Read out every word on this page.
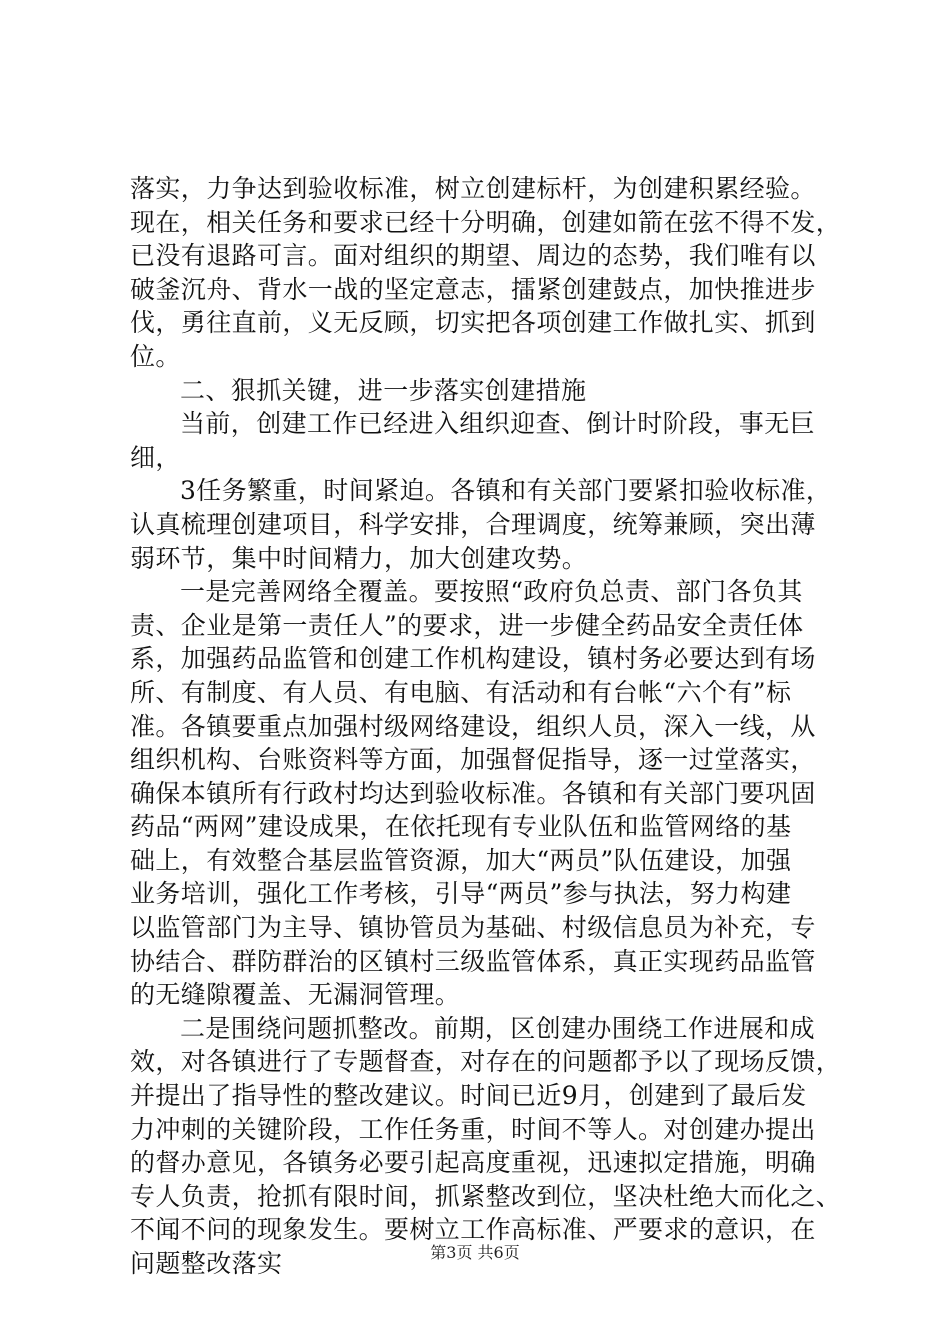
落实，力争达到验收标准，树立创建标杆，为创建积累经验。
现在，相关任务和要求已经十分明确，创建如箭在弦不得不发，
已没有退路可言。面对组织的期望、周边的态势，我们唯有以
破釜沉舟、背水一战的坚定意志，擂紧创建鼓点，加快推进步
伐，勇往直前，义无反顾，切实把各项创建工作做扎实、抓到
位。
二、狠抓关键，进一步落实创建措施
当前，创建工作已经进入组织迎查、倒计时阶段，事无巨
细，
3任务繁重，时间紧迫。各镇和有关部门要紧扣验收标准，
认真梳理创建项目，科学安排，合理调度，统筹兼顾，突出薄
弱环节，集中时间精力，加大创建攻势。
一是完善网络全覆盖。要按照“政府负总责、部门各负其
责、企业是第一责任人”的要求，进一步健全药品安全责任体
系，加强药品监管和创建工作机构建设，镇村务必要达到有场
所、有制度、有人员、有电脑、有活动和有台帐“六个有”标
准。各镇要重点加强村级网络建设，组织人员，深入一线，从
组织机构、台账资料等方面，加强督促指导，逐一过堂落实，
确保本镇所有行政村均达到验收标准。各镇和有关部门要巩固
药品“两网”建设成果，在依托现有专业队伍和监管网络的基
础上，有效整合基层监管资源，加大“两员”队伍建设，加强
业务培训，强化工作考核，引导“两员”参与执法，努力构建
以监管部门为主导、镇协管员为基础、村级信息员为补充，专
协结合、群防群治的区镇村三级监管体系，真正实现药品监管
的无缝隙覆盖、无漏洞管理。
二是围绕问题抓整改。前期，区创建办围绕工作进展和成
效，对各镇进行了专题督查，对存在的问题都予以了现场反馈，
并提出了指导性的整改建议。时间已近9月，创建到了最后发
力冲刺的关键阶段，工作任务重，时间不等人。对创建办提出
的督办意见，各镇务必要引起高度重视，迅速拟定措施，明确
专人负责，抢抓有限时间，抓紧整改到位，坚决杜绝大而化之、
不闻不问的现象发生。要树立工作高标准、严要求的意识，在
问题整改落实	第3页 共6页
